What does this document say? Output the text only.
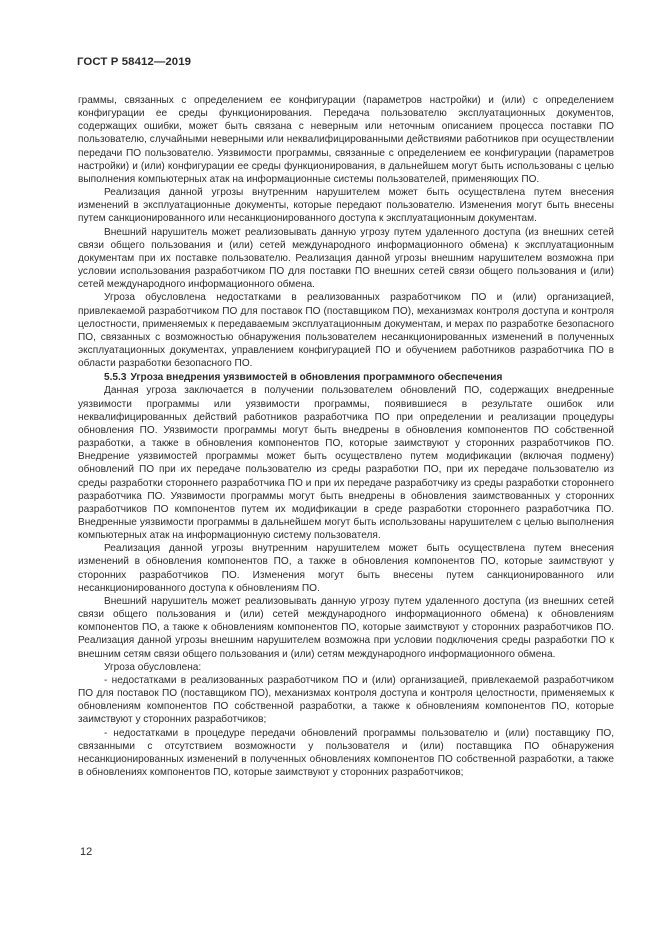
ГОСТ Р 58412—2019

граммы, связанных с определением ее конфигурации (параметров настройки) и (или) с определением конфигурации ее среды функционирования. Передача пользователю эксплуатационных документов, содержащих ошибки, может быть связана с неверным или неточным описанием процесса поставки ПО пользователю, случайными неверными или неквалифицированными действиями работников при осуществлении передачи ПО пользователю. Уязвимости программы, связанные с определением ее конфигурации (параметров настройки) и (или) конфигурации ее среды функционирования, в дальнейшем могут быть использованы с целью выполнения компьютерных атак на информационные системы пользователей, применяющих ПО.

Реализация данной угрозы внутренним нарушителем может быть осуществлена путем внесения изменений в эксплуатационные документы, которые передают пользователю. Изменения могут быть внесены путем санкционированного или несанкционированного доступа к эксплуатационным документам.

Внешний нарушитель может реализовывать данную угрозу путем удаленного доступа (из внешних сетей связи общего пользования и (или) сетей международного информационного обмена) к эксплуатационным документам при их поставке пользователю. Реализация данной угрозы внешним нарушителем возможна при условии использования разработчиком ПО для поставки ПО внешних сетей связи общего пользования и (или) сетей международного информационного обмена.

Угроза обусловлена недостатками в реализованных разработчиком ПО и (или) организацией, привлекаемой разработчиком ПО для поставок ПО (поставщиком ПО), механизмах контроля доступа и контроля целостности, применяемых к передаваемым эксплуатационным документам, и мерах по разработке безопасного ПО, связанных с возможностью обнаружения пользователем несанкционированных изменений в полученных эксплуатационных документах, управлением конфигурацией ПО и обучением работников разработчика ПО в области разработки безопасного ПО.

5.5.3 Угроза внедрения уязвимостей в обновления программного обеспечения

Данная угроза заключается в получении пользователем обновлений ПО, содержащих внедренные уязвимости программы или уязвимости программы, появившиеся в результате ошибок или неквалифицированных действий работников разработчика ПО при определении и реализации процедуры обновления ПО. Уязвимости программы могут быть внедрены в обновления компонентов ПО собственной разработки, а также в обновления компонентов ПО, которые заимствуют у сторонних разработчиков ПО. Внедрение уязвимостей программы может быть осуществлено путем модификации (включая подмену) обновлений ПО при их передаче пользователю из среды разработки ПО, при их передаче пользователю из среды разработки стороннего разработчика ПО и при их передаче разработчику из среды разработки стороннего разработчика ПО. Уязвимости программы могут быть внедрены в обновления заимствованных у сторонних разработчиков ПО компонентов путем их модификации в среде разработки стороннего разработчика ПО. Внедренные уязвимости программы в дальнейшем могут быть использованы нарушителем с целью выполнения компьютерных атак на информационную систему пользователя.

Реализация данной угрозы внутренним нарушителем может быть осуществлена путем внесения изменений в обновления компонентов ПО, а также в обновления компонентов ПО, которые заимствуют у сторонних разработчиков ПО. Изменения могут быть внесены путем санкционированного или несанкционированного доступа к обновлениям ПО.

Внешний нарушитель может реализовывать данную угрозу путем удаленного доступа (из внешних сетей связи общего пользования и (или) сетей международного информационного обмена) к обновлениям компонентов ПО, а также к обновлениям компонентов ПО, которые заимствуют у сторонних разработчиков ПО. Реализация данной угрозы внешним нарушителем возможна при условии подключения среды разработки ПО к внешним сетям связи общего пользования и (или) сетям международного информационного обмена.

Угроза обусловлена:

- недостатками в реализованных разработчиком ПО и (или) организацией, привлекаемой разработчиком ПО для поставок ПО (поставщиком ПО), механизмах контроля доступа и контроля целостности, применяемых к обновлениям компонентов ПО собственной разработки, а также к обновлениям компонентов ПО, которые заимствуют у сторонних разработчиков;

- недостатками в процедуре передачи обновлений программы пользователю и (или) поставщику ПО, связанными с отсутствием возможности у пользователя и (или) поставщика ПО обнаружения несанкционированных изменений в полученных обновлениях компонентов ПО собственной разработки, а также в обновлениях компонентов ПО, которые заимствуют у сторонних разработчиков;

12
